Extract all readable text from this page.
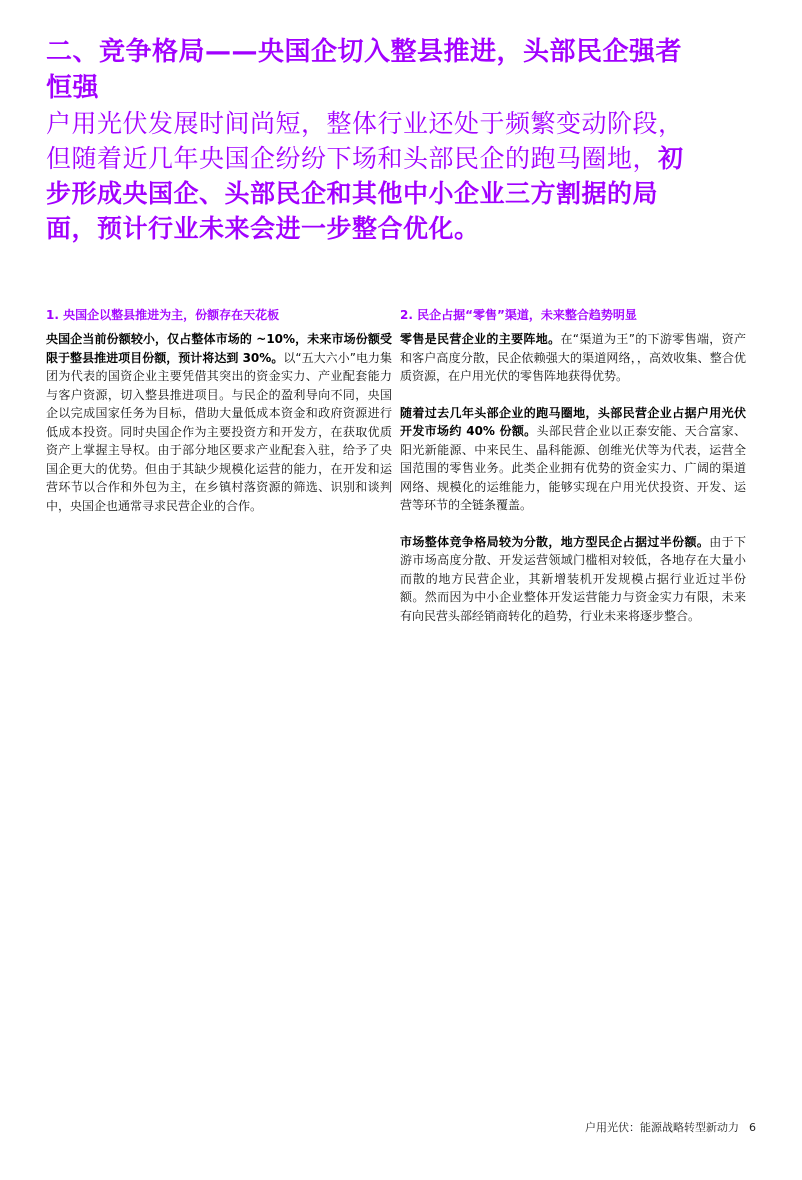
二、竞争格局——央国企切入整县推进，头部民企强者恒强

户用光伏发展时间尚短，整体行业还处于频繁变动阶段，但随着近几年央国企纷纷下场和头部民企的跑马圈地，初步形成央国企、头部民企和其他中小企业三方割据的局面，预计行业未来会进一步整合优化。

1. 央国企以整县推进为主，份额存在天花板

央国企当前份额较小，仅占整体市场的 ~10%，未来市场份额受限于整县推进项目份额，预计将达到 30%。以“五大六小”电力集团为代表的国资企业主要凭借其突出的资金实力、产业配套能力与客户资源，切入整县推进项目。与民企的盈利导向不同，央国企以完成国家任务为目标，借助大量低成本资金和政府资源进行低成本投资。同时央国企作为主要投资方和开发方，在获取优质资产上掌握主导权。由于部分地区要求产业配套入驻，给予了央国企更大的优势。但由于其缺少规模化运营的能力，在开发和运营环节以合作和外包为主，在乡镇村落资源的筛选、识别和谈判中，央国企也通常寻求民营企业的合作。

2. 民企占据“零售”渠道，未来整合趋势明显

零售是民营企业的主要阵地。在“渠道为王”的下游零售端，资产和客户高度分散，民企依赖强大的渠道网络，，高效收集、整合优质资源，在户用光伏的零售阵地获得优势。

随着过去几年头部企业的跑马圈地，头部民营企业占据户用光伏开发市场约 40% 份额。头部民营企业以正泰安能、天合富家、阳光新能源、中来民生、晶科能源、创维光伏等为代表，运营全国范围的零售业务。此类企业拥有优势的资金实力、广阔的渠道网络、规模化的运维能力，能够实现在户用光伏投资、开发、运营等环节的全链条覆盖。

市场整体竞争格局较为分散，地方型民企占据过半份额。由于下游市场高度分散、开发运营领域门槛相对较低，各地存在大量小而散的地方民营企业，其新增装机开发规模占据行业近过半份额。然而因为中小企业整体开发运营能力与资金实力有限，未来有向民营头部经销商转化的趋势，行业未来将逐步整合。

户用光伏：能源战略转型新动力 6
